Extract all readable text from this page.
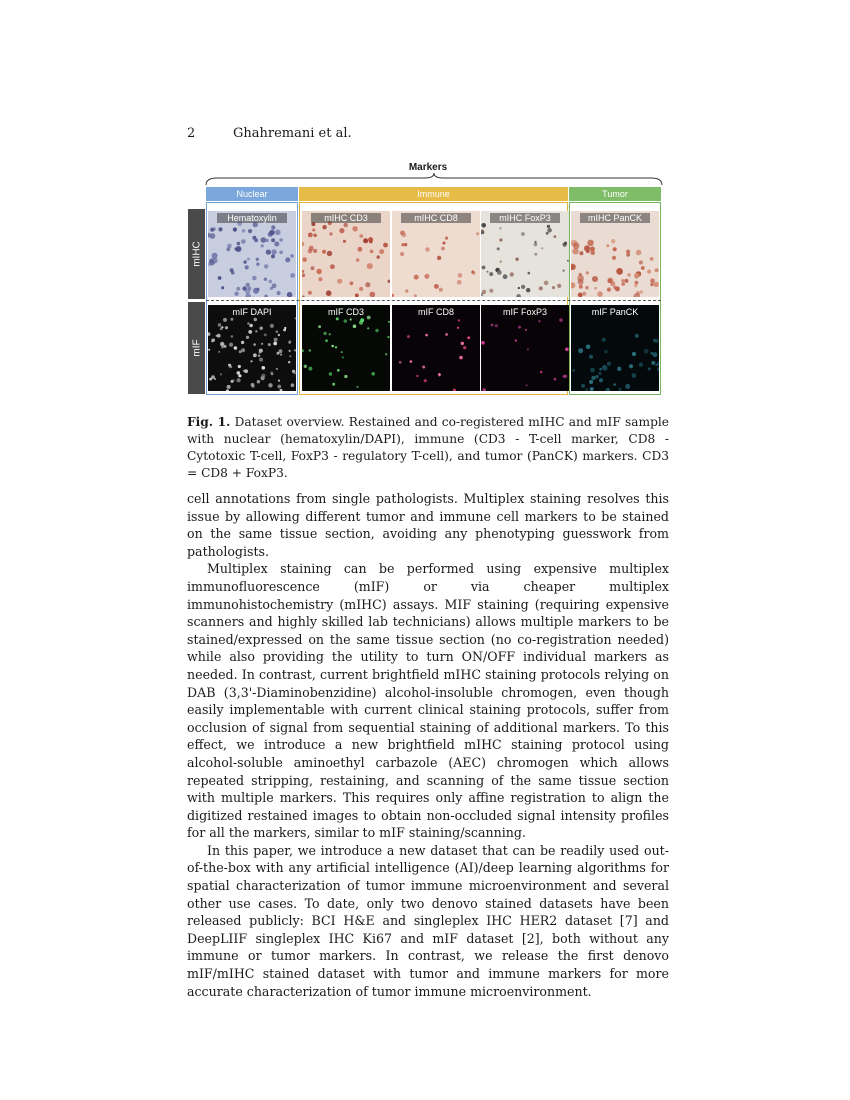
2	Ghahremani et al.
Markers
Nuclear	Immune	Tumor
mIHC
mIF
Hematoxylin	mIHC CD3	mIHC CD8	mIHC FoxP3	mIHC PanCK
mIF DAPI	mIF CD3	mIF CD8	mIF FoxP3	mIF PanCK
Fig. 1. Dataset overview. Restained and co-registered mIHC and mIF sample with nuclear (hematoxylin/DAPI), immune (CD3 - T-cell marker, CD8 - Cytotoxic T-cell, FoxP3 - regulatory T-cell), and tumor (PanCK) markers. CD3 = CD8 + FoxP3.

cell annotations from single pathologists. Multiplex staining resolves this issue by allowing different tumor and immune cell markers to be stained on the same tissue section, avoiding any phenotyping guesswork from pathologists.

Multiplex staining can be performed using expensive multiplex immunofluorescence (mIF) or via cheaper multiplex immunohistochemistry (mIHC) assays. MIF staining (requiring expensive scanners and highly skilled lab technicians) allows multiple markers to be stained/expressed on the same tissue section (no co-registration needed) while also providing the utility to turn ON/OFF individual markers as needed. In contrast, current brightfield mIHC staining protocols relying on DAB (3,3'-Diaminobenzidine) alcohol-insoluble chromogen, even though easily implementable with current clinical staining protocols, suffer from occlusion of signal from sequential staining of additional markers. To this effect, we introduce a new brightfield mIHC staining protocol using alcohol-soluble aminoethyl carbazole (AEC) chromogen which allows repeated stripping, restaining, and scanning of the same tissue section with multiple markers. This requires only affine registration to align the digitized restained images to obtain non-occluded signal intensity profiles for all the markers, similar to mIF staining/scanning.

In this paper, we introduce a new dataset that can be readily used out-of-the-box with any artificial intelligence (AI)/deep learning algorithms for spatial characterization of tumor immune microenvironment and several other use cases. To date, only two denovo stained datasets have been released publicly: BCI H&E and singleplex IHC HER2 dataset [7] and DeepLIIF singleplex IHC Ki67 and mIF dataset [2], both without any immune or tumor markers. In contrast, we release the first denovo mIF/mIHC stained dataset with tumor and immune markers for more accurate characterization of tumor immune microenvironment.
